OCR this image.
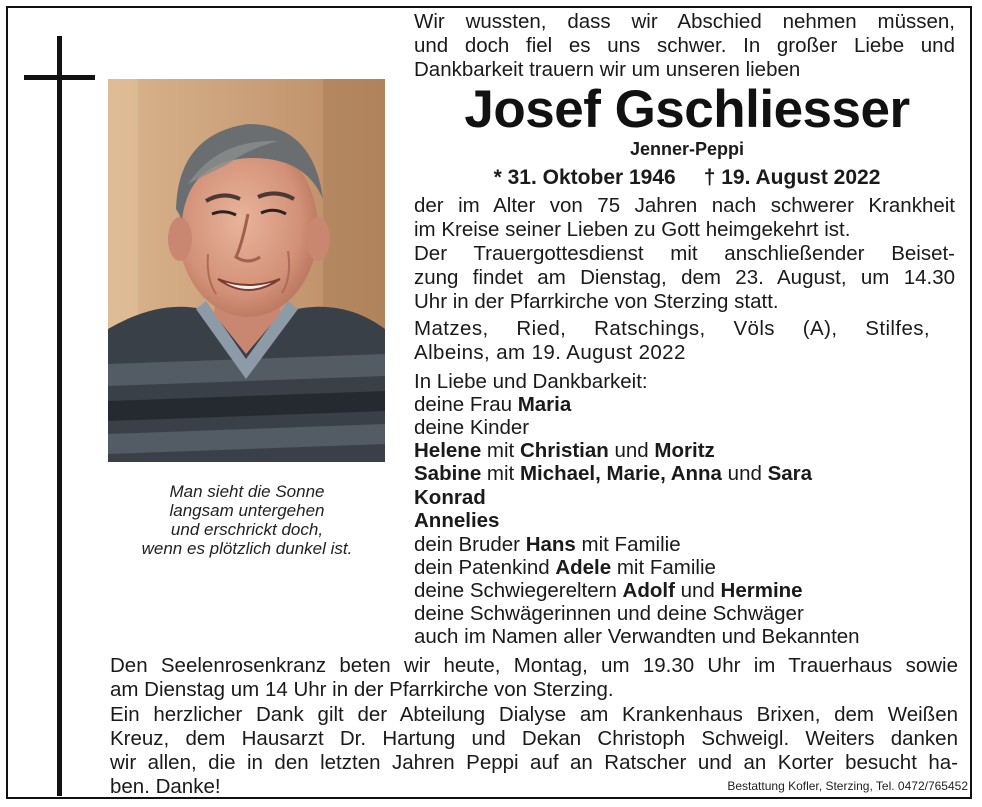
Man sieht die Sonne
langsam untergehen
und erschrickt doch,
wenn es plötzlich dunkel ist.
Wir wussten, dass wir Abschied nehmen müssen,
und doch fiel es uns schwer. In großer Liebe und
Dankbarkeit trauern wir um unseren lieben
Josef Gschliesser
Jenner-Peppi
* 31. Oktober 1946 † 19. August 2022
der im Alter von 75 Jahren nach schwerer Krankheit
im Kreise seiner Lieben zu Gott heimgekehrt ist.
Der Trauergottesdienst mit anschließender Beiset-
zung findet am Dienstag, dem 23. August, um 14.30
Uhr in der Pfarrkirche von Sterzing statt.
Matzes, Ried, Ratschings, Völs (A), Stilfes,
Albeins, am 19. August 2022
In Liebe und Dankbarkeit:
deine Frau Maria
deine Kinder
Helene mit Christian und Moritz
Sabine mit Michael, Marie, Anna und Sara
Konrad
Annelies
dein Bruder Hans mit Familie
dein Patenkind Adele mit Familie
deine Schwiegereltern Adolf und Hermine
deine Schwägerinnen und deine Schwäger
auch im Namen aller Verwandten und Bekannten
Den Seelenrosenkranz beten wir heute, Montag, um 19.30 Uhr im Trauerhaus sowie
am Dienstag um 14 Uhr in der Pfarrkirche von Sterzing.
Ein herzlicher Dank gilt der Abteilung Dialyse am Krankenhaus Brixen, dem Weißen
Kreuz, dem Hausarzt Dr. Hartung und Dekan Christoph Schweigl. Weiters danken
wir allen, die in den letzten Jahren Peppi auf an Ratscher und an Korter besucht ha-
ben. Danke!	Bestattung Kofler, Sterzing, Tel. 0472/765452
